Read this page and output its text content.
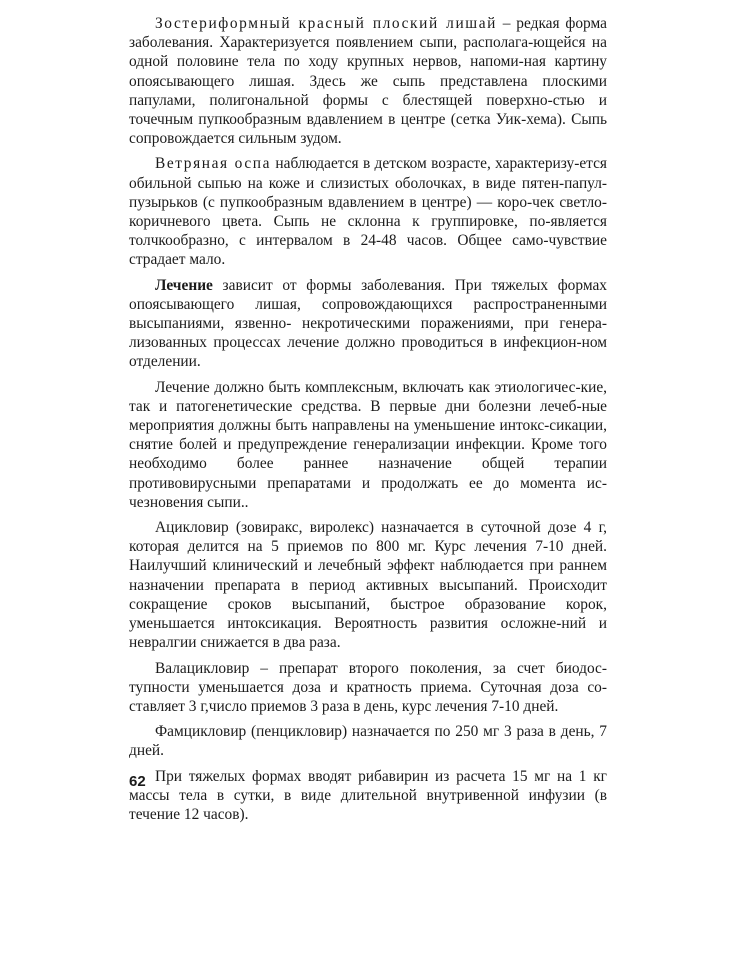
Зостериформный красный плоский лишай – редкая форма заболевания. Характеризуется появлением сыпи, располага-ющейся на одной половине тела по ходу крупных нервов, напоми-ная картину опоясывающего лишая. Здесь же сыпь представлена плоскими папулами, полигональной формы с блестящей поверхно-стью и точечным пупкообразным вдавлением в центре (сетка Уик-хема). Сыпь сопровождается сильным зудом.

Ветряная оспа наблюдается в детском возрасте, характеризу-ется обильной сыпью на коже и слизистых оболочках, в виде пятен-папул-пузырьков (с пупкообразным вдавлением в центре) — коро-чек светло-коричневого цвета. Сыпь не склонна к группировке, по-является толчкообразно, с интервалом в 24-48 часов. Общее само-чувствие страдает мало.

Лечение зависит от формы заболевания. При тяжелых формах опоясывающего лишая, сопровождающихся распространенными высыпаниями, язвенно- некротическими поражениями, при генера-лизованных процессах лечение должно проводиться в инфекцион-ном отделении.

Лечение должно быть комплексным, включать как этиологичес-кие, так и патогенетические средства. В первые дни болезни лечеб-ные мероприятия должны быть направлены на уменьшение интокс-сикации, снятие болей и предупреждение генерализации инфекции. Кроме того необходимо более раннее назначение общей терапии противовирусными препаратами и продолжать ее до момента ис-чезновения сыпи..

Ацикловир (зовиракс, виролекс) назначается в суточной дозе 4 г, которая делится на 5 приемов по 800 мг. Курс лечения 7-10 дней. Наилучший клинический и лечебный эффект наблюдается при раннем назначении препарата в период активных высыпаний. Происходит сокращение сроков высыпаний, быстрое образование корок, уменьшается интоксикация. Вероятность развития осложне-ний и невралгии снижается в два раза.

Валацикловир – препарат второго поколения, за счет биодос-тупности уменьшается доза и кратность приема. Суточная доза со-ставляет 3 г,число приемов 3 раза в день, курс лечения 7-10 дней.

Фамцикловир (пенцикловир) назначается по 250 мг 3 раза в день, 7 дней.

При тяжелых формах вводят рибавирин из расчета 15 мг на 1 кг массы тела в сутки, в виде длительной внутривенной инфузии (в течение 12 часов).

62
